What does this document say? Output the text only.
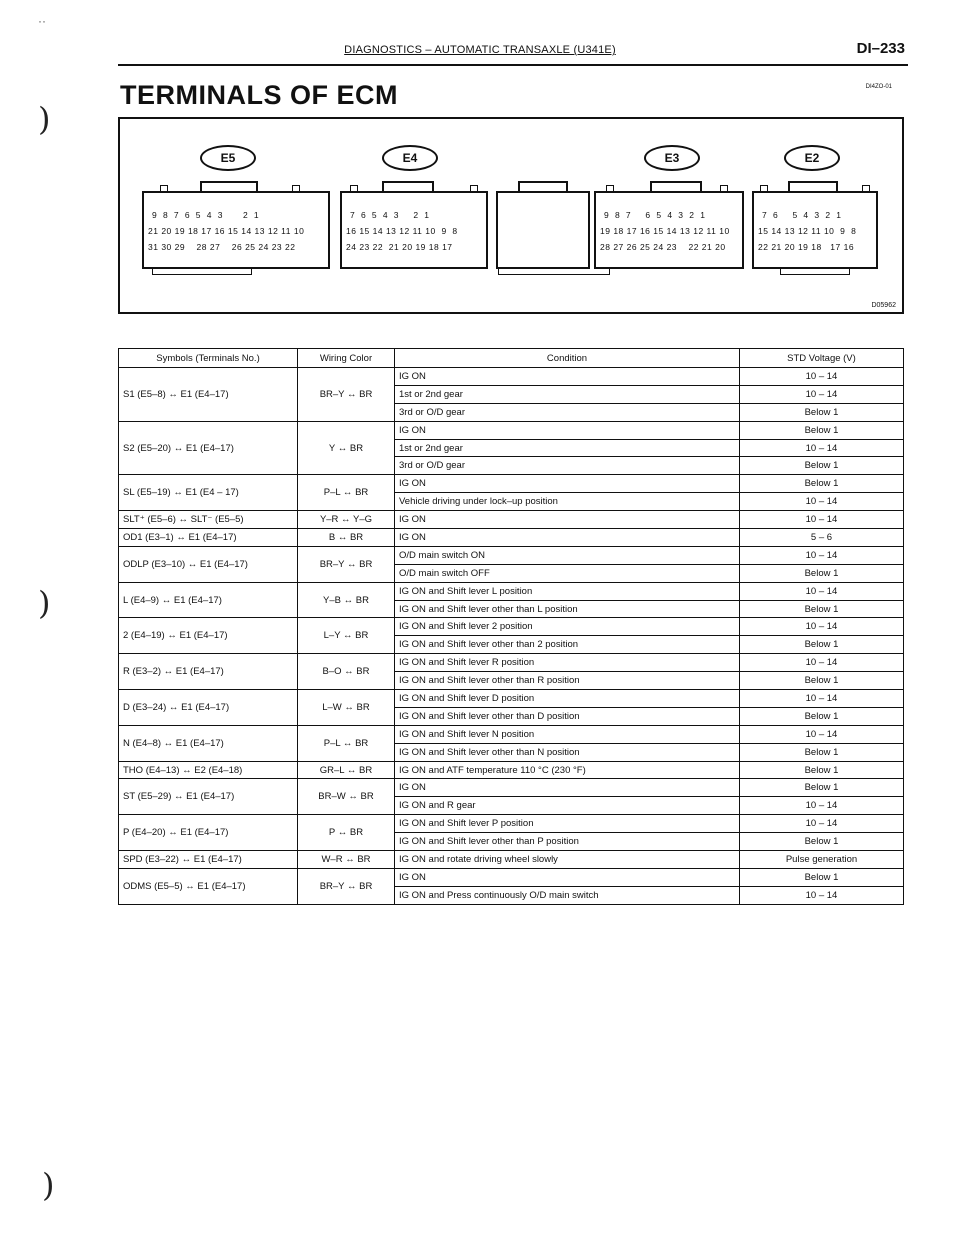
DIAGNOSTICS – AUTOMATIC TRANSAXLE (U341E)	DI–233
TERMINALS OF ECM	DI4ZO-01
··
)
)
)
E5
9  8  7  6  5  4  3       2  1
21 20 19 18 17 16 15 14 13 12 11 10
31 30 29    28 27    26 25 24 23 22
E4
7  6  5  4  3     2  1
16 15 14 13 12 11 10  9  8
24 23 22  21 20 19 18 17
E3
9  8  7     6  5  4  3  2  1
19 18 17 16 15 14 13 12 11 10
28 27 26 25 24 23    22 21 20
E2
7  6     5  4  3  2  1
15 14 13 12 11 10  9  8
22 21 20 19 18   17 16
D05962
Symbols (Terminals No.)	Wiring Color	Condition	STD Voltage (V)
S1 (E5–8) ↔ E1 (E4–17)	BR–Y ↔ BR	IG ON	10 – 14
		1st or 2nd gear	10 – 14
		3rd or O/D gear	Below 1
S2 (E5–20) ↔ E1 (E4–17)	Y ↔ BR	IG ON	Below 1
		1st or 2nd gear	10 – 14
		3rd or O/D gear	Below 1
SL (E5–19) ↔ E1 (E4 – 17)	P–L ↔ BR	IG ON	Below 1
		Vehicle driving under lock–up position	10 – 14
SLT⁺ (E5–6) ↔ SLT⁻ (E5–5)	Y–R ↔ Y–G	IG ON	10 – 14
OD1 (E3–1) ↔ E1 (E4–17)	B ↔ BR	IG ON	5 – 6
ODLP (E3–10) ↔ E1 (E4–17)	BR–Y ↔ BR	O/D main switch ON	10 – 14
		O/D main switch OFF	Below 1
L (E4–9) ↔ E1 (E4–17)	Y–B ↔ BR	IG ON and Shift lever L position	10 – 14
		IG ON and Shift lever other than L position	Below 1
2 (E4–19) ↔ E1 (E4–17)	L–Y ↔ BR	IG ON and Shift lever 2 position	10 – 14
		IG ON and Shift lever other than 2 position	Below 1
R (E3–2) ↔ E1 (E4–17)	B–O ↔ BR	IG ON and Shift lever R position	10 – 14
		IG ON and Shift lever other than R position	Below 1
D (E3–24) ↔ E1 (E4–17)	L–W ↔ BR	IG ON and Shift lever D position	10 – 14
		IG ON and Shift lever other than D position	Below 1
N (E4–8) ↔ E1 (E4–17)	P–L ↔ BR	IG ON and Shift lever N position	10 – 14
		IG ON and Shift lever other than N position	Below 1
THO (E4–13) ↔ E2 (E4–18)	GR–L ↔ BR	IG ON and ATF temperature 110 °C (230 °F)	Below 1
ST (E5–29) ↔ E1 (E4–17)	BR–W ↔ BR	IG ON	Below 1
		IG ON and R gear	10 – 14
P (E4–20) ↔ E1 (E4–17)	P ↔ BR	IG ON and Shift lever P position	10 – 14
		IG ON and Shift lever other than P position	Below 1
SPD (E3–22) ↔ E1 (E4–17)	W–R ↔ BR	IG ON and rotate driving wheel slowly	Pulse generation
ODMS (E5–5) ↔ E1 (E4–17)	BR–Y ↔ BR	IG ON	Below 1
		IG ON and Press continuously O/D main switch	10 – 14
